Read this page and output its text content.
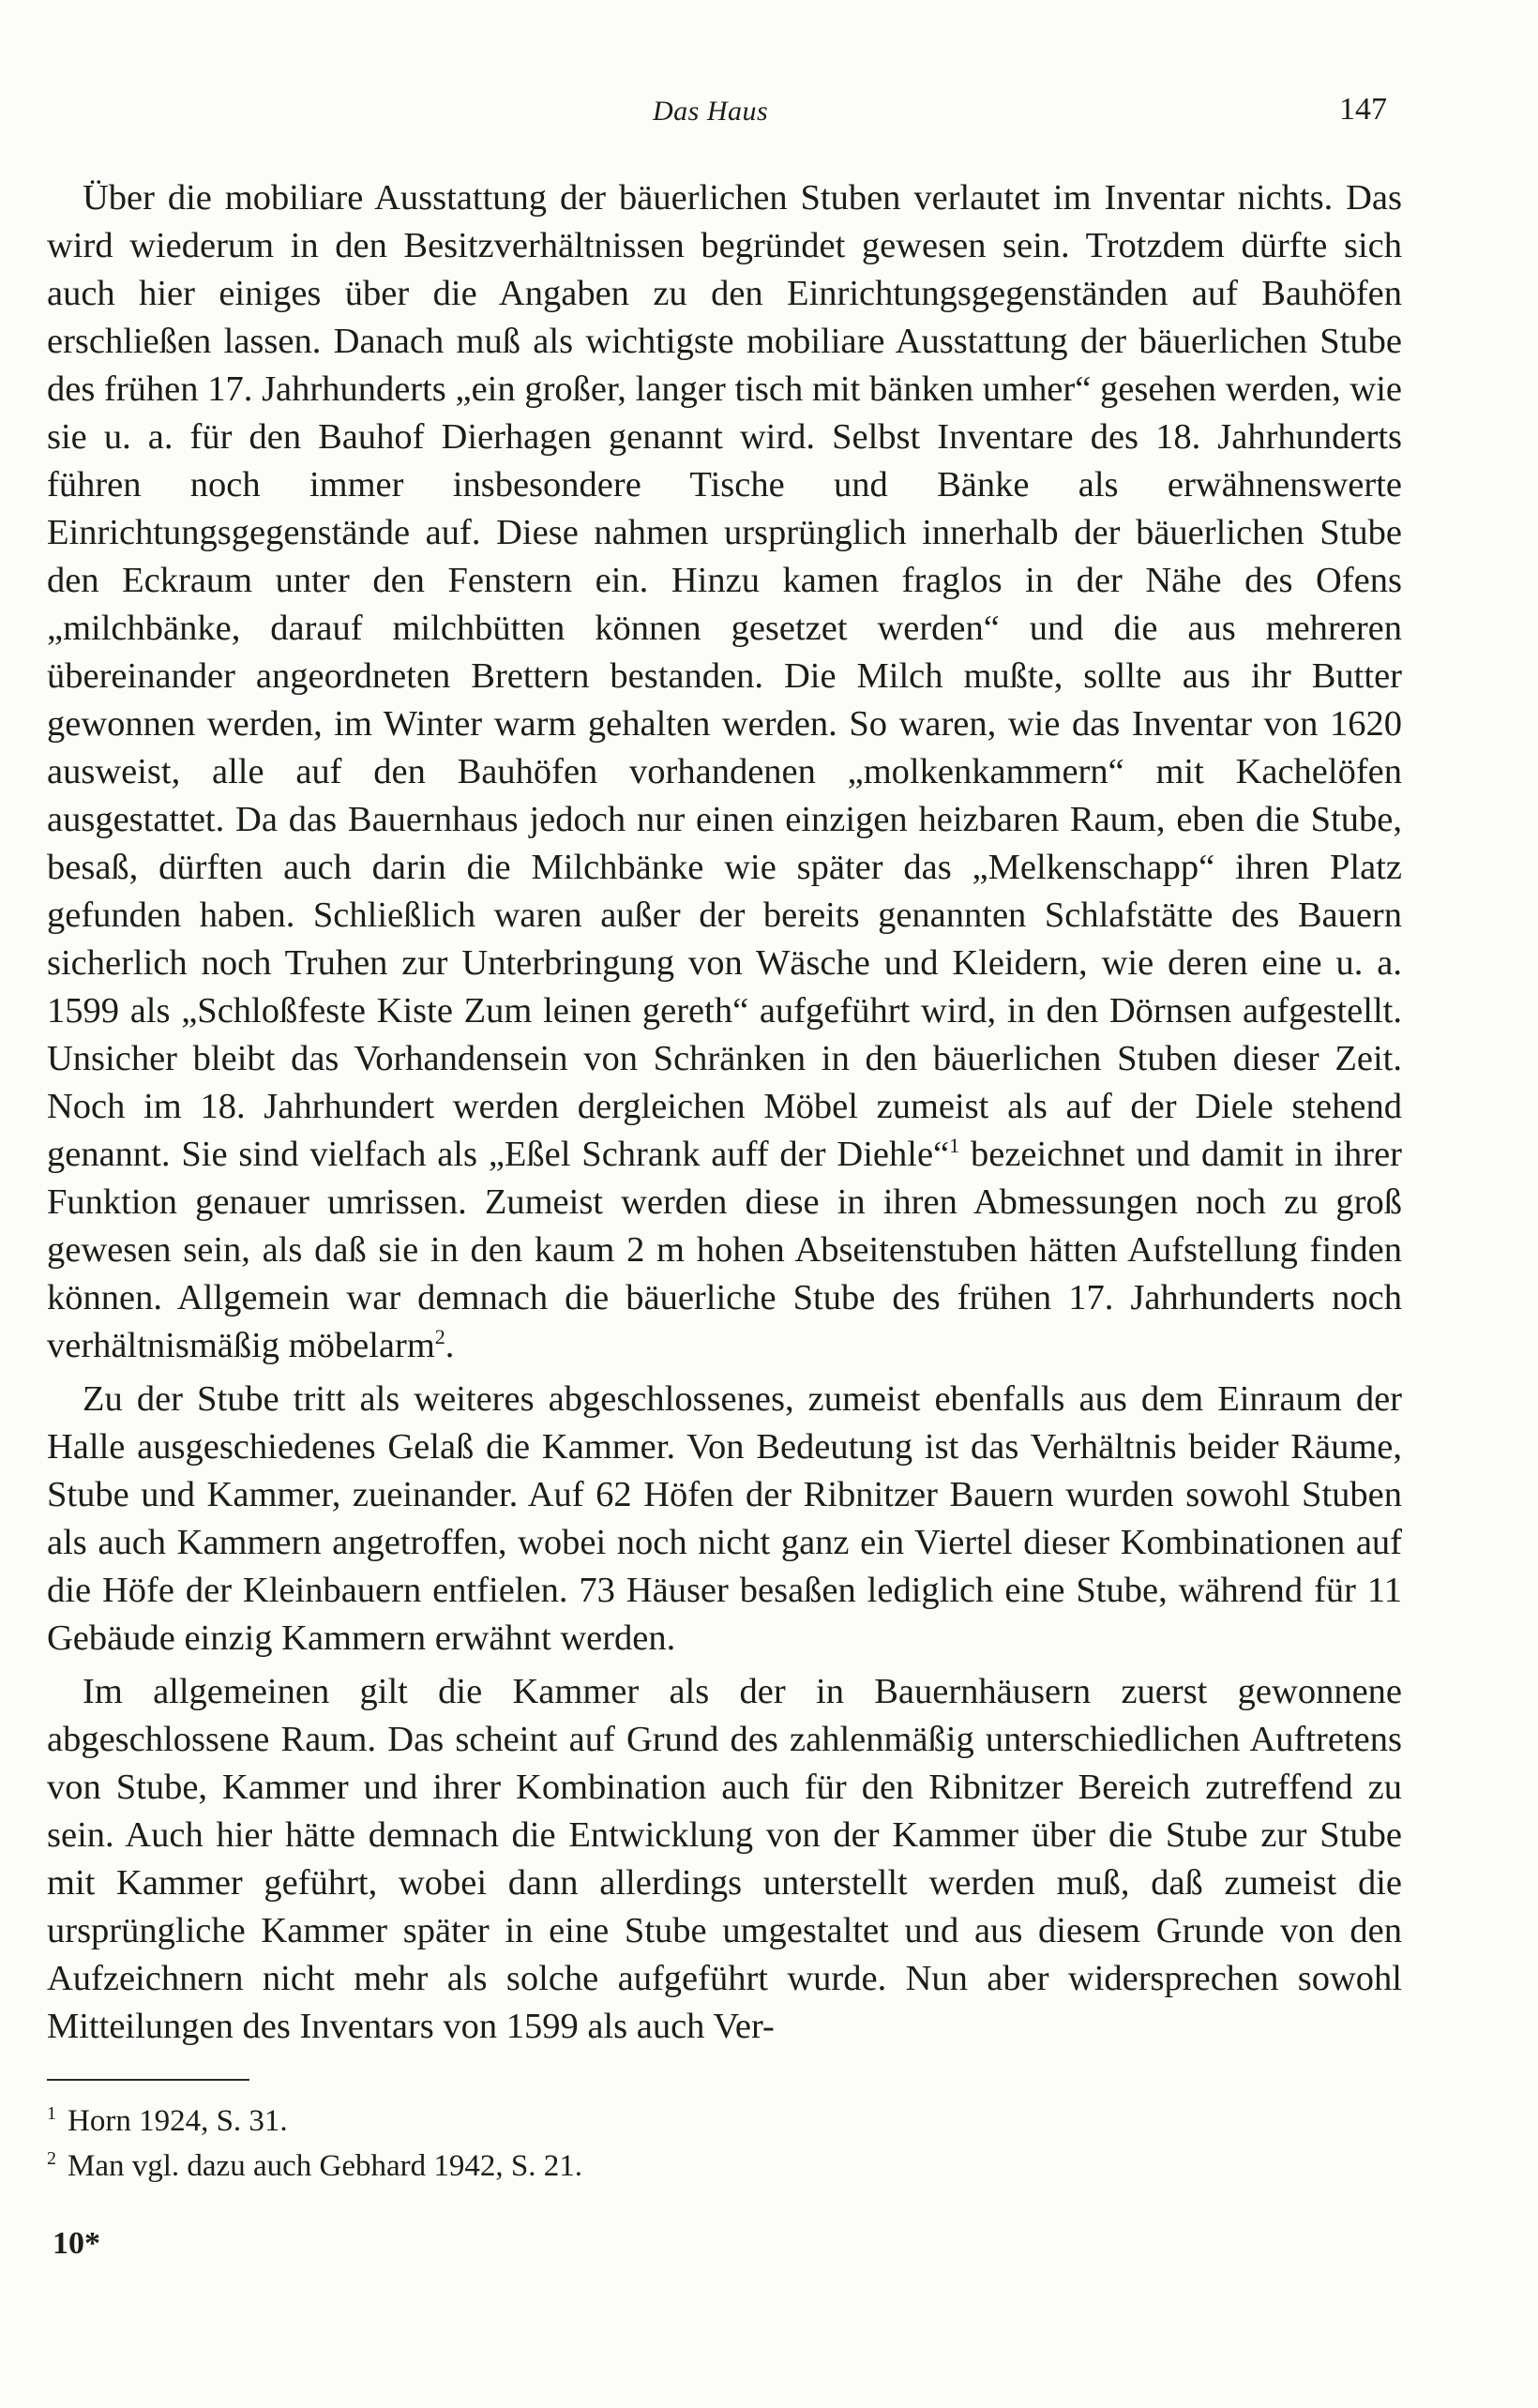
Das Haus	147

Über die mobiliare Ausstattung der bäuerlichen Stuben verlautet im Inventar nichts. Das wird wiederum in den Besitzverhältnissen begründet gewesen sein. Trotzdem dürfte sich auch hier einiges über die Angaben zu den Einrichtungsgegenständen auf Bauhöfen erschließen lassen. Danach muß als wichtigste mobiliare Ausstattung der bäuerlichen Stube des frühen 17. Jahrhunderts „ein großer, langer tisch mit bänken umher“ gesehen werden, wie sie u. a. für den Bauhof Dierhagen genannt wird. Selbst Inventare des 18. Jahrhunderts führen noch immer insbesondere Tische und Bänke als erwähnenswerte Einrichtungsgegenstände auf. Diese nahmen ursprünglich innerhalb der bäuerlichen Stube den Eckraum unter den Fenstern ein. Hinzu kamen fraglos in der Nähe des Ofens „milchbänke, darauf milchbütten können gesetzet werden“ und die aus mehreren übereinander angeordneten Brettern bestanden. Die Milch mußte, sollte aus ihr Butter gewonnen werden, im Winter warm gehalten werden. So waren, wie das Inventar von 1620 ausweist, alle auf den Bauhöfen vorhandenen „molkenkammern“ mit Kachelöfen ausgestattet. Da das Bauernhaus jedoch nur einen einzigen heizbaren Raum, eben die Stube, besaß, dürften auch darin die Milchbänke wie später das „Melkenschapp“ ihren Platz gefunden haben. Schließlich waren außer der bereits genannten Schlafstätte des Bauern sicherlich noch Truhen zur Unterbringung von Wäsche und Kleidern, wie deren eine u. a. 1599 als „Schloßfeste Kiste Zum leinen gereth“ aufgeführt wird, in den Dörnsen aufgestellt. Unsicher bleibt das Vorhandensein von Schränken in den bäuerlichen Stuben dieser Zeit. Noch im 18. Jahrhundert werden dergleichen Möbel zumeist als auf der Diele stehend genannt. Sie sind vielfach als „Eßel Schrank auff der Diehle“$^1$ bezeichnet und damit in ihrer Funktion genauer umrissen. Zumeist werden diese in ihren Abmessungen noch zu groß gewesen sein, als daß sie in den kaum 2 m hohen Abseitenstuben hätten Aufstellung finden können. Allgemein war demnach die bäuerliche Stube des frühen 17. Jahrhunderts noch verhältnismäßig möbelarm$^2$.

Zu der Stube tritt als weiteres abgeschlossenes, zumeist ebenfalls aus dem Einraum der Halle ausgeschiedenes Gelaß die Kammer. Von Bedeutung ist das Verhältnis beider Räume, Stube und Kammer, zueinander. Auf 62 Höfen der Ribnitzer Bauern wurden sowohl Stuben als auch Kammern angetroffen, wobei noch nicht ganz ein Viertel dieser Kombinationen auf die Höfe der Kleinbauern entfielen. 73 Häuser besaßen lediglich eine Stube, während für 11 Gebäude einzig Kammern erwähnt werden.

Im allgemeinen gilt die Kammer als der in Bauernhäusern zuerst gewonnene abgeschlossene Raum. Das scheint auf Grund des zahlenmäßig unterschiedlichen Auftretens von Stube, Kammer und ihrer Kombination auch für den Ribnitzer Bereich zutreffend zu sein. Auch hier hätte demnach die Entwicklung von der Kammer über die Stube zur Stube mit Kammer geführt, wobei dann allerdings unterstellt werden muß, daß zumeist die ursprüngliche Kammer später in eine Stube umgestaltet und aus diesem Grunde von den Aufzeichnern nicht mehr als solche aufgeführt wurde. Nun aber widersprechen sowohl Mitteilungen des Inventars von 1599 als auch Ver-

$^1$ Horn 1924, S. 31.

$^2$ Man vgl. dazu auch Gebhard 1942, S. 21.

10*
